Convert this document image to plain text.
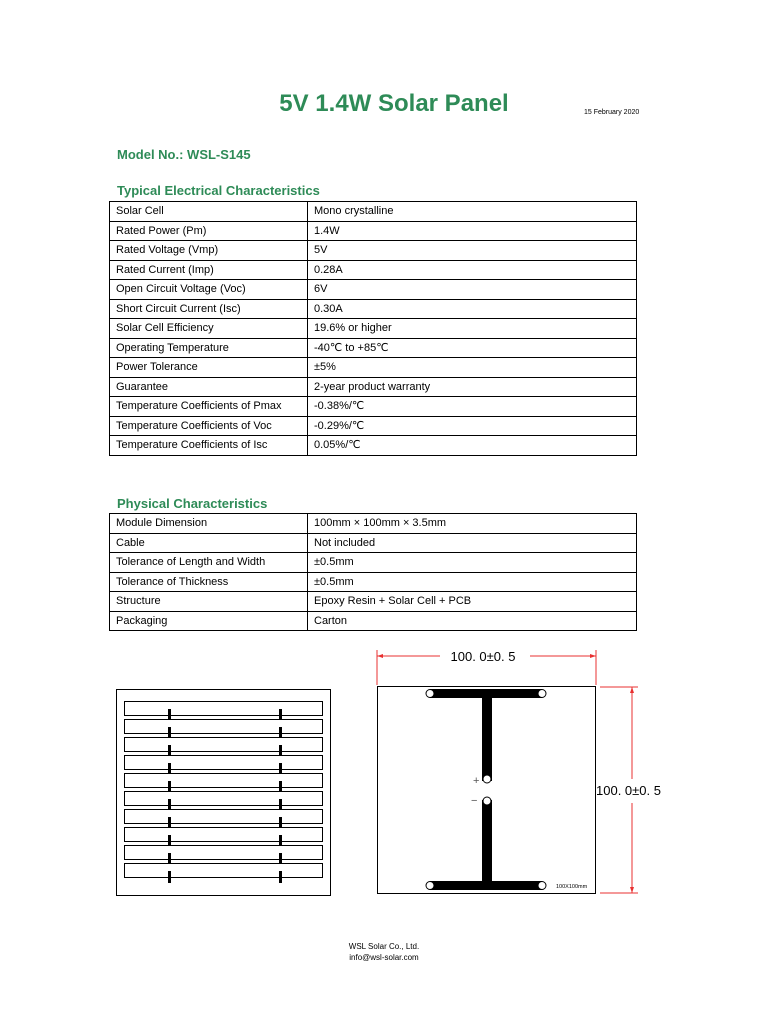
5V 1.4W Solar Panel	15 February 2020
Model No.: WSL-S145
Typical Electrical Characteristics
Solar Cell	Mono crystalline
Rated Power (Pm)	1.4W
Rated Voltage (Vmp)	5V
Rated Current (Imp)	0.28A
Open Circuit Voltage (Voc)	6V
Short Circuit Current (Isc)	0.30A
Solar Cell Efficiency	19.6% or higher
Operating Temperature	-40℃ to +85℃
Power Tolerance	±5%
Guarantee	2-year product warranty
Temperature Coefficients of Pmax	-0.38%/℃
Temperature Coefficients of Voc	-0.29%/℃
Temperature Coefficients of Isc	0.05%/℃
Physical Characteristics
Module Dimension	100mm × 100mm × 3.5mm
Cable	Not included
Tolerance of Length and Width	±0.5mm
Tolerance of Thickness	±0.5mm
Structure	Epoxy Resin + Solar Cell + PCB
Packaging	Carton
100. 0±0. 5
100. 0±0. 5
+
−
100X100mm
WSL Solar Co., Ltd.
info@wsl-solar.com
